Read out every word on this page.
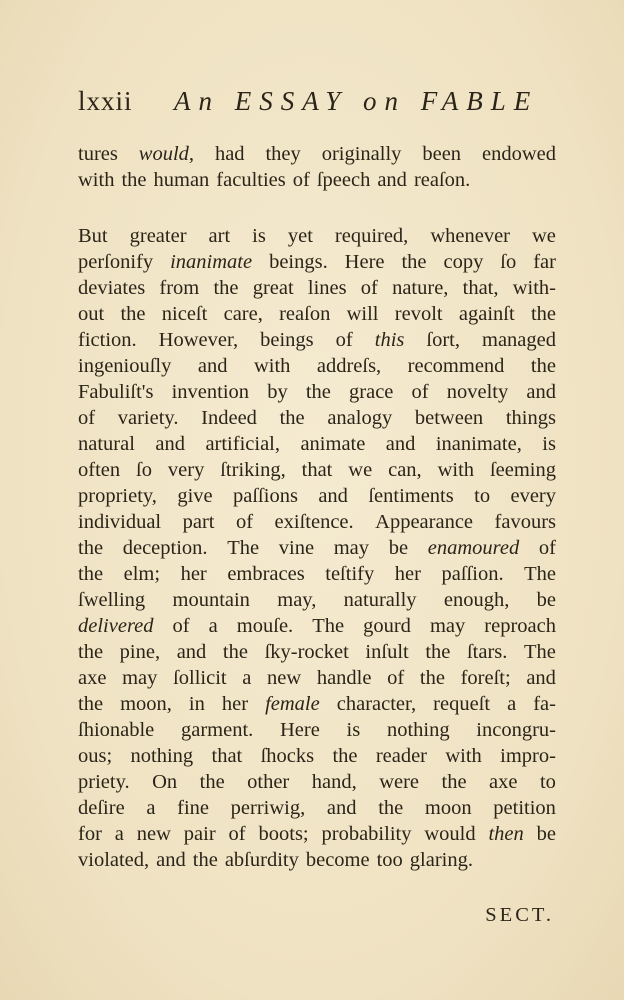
lxxii An ESSAY on FABLE
tures would, had they originally been endowed
with the human faculties of ſpeech and reaſon.
But greater art is yet required, whenever we
perſonify inanimate beings. Here the copy ſo far
deviates from the great lines of nature, that, with-
out the niceſt care, reaſon will revolt againſt the
fiction. However, beings of this ſort, managed
ingeniouſly and with addreſs, recommend the
Fabuliſt's invention by the grace of novelty and
of variety. Indeed the analogy between things
natural and artificial, animate and inanimate, is
often ſo very ſtriking, that we can, with ſeeming
propriety, give paſſions and ſentiments to every
individual part of exiſtence. Appearance favours
the deception. The vine may be enamoured of
the elm; her embraces teſtify her paſſion. The
ſwelling mountain may, naturally enough, be
delivered of a mouſe. The gourd may reproach
the pine, and the ſky-rocket inſult the ſtars. The
axe may ſollicit a new handle of the foreſt; and
the moon, in her female character, requeſt a fa-
ſhionable garment. Here is nothing incongru-
ous; nothing that ſhocks the reader with impro-
priety. On the other hand, were the axe to
deſire a fine perriwig, and the moon petition
for a new pair of boots; probability would then be
violated, and the abſurdity become too glaring.
SECT.
